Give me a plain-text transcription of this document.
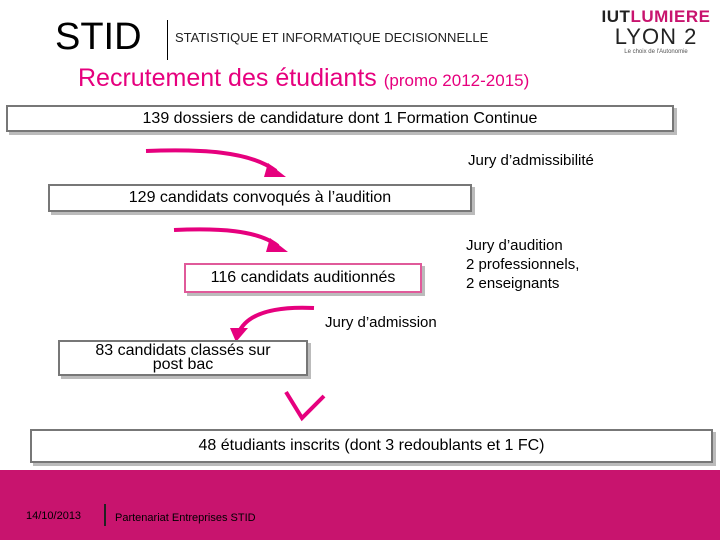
STID	STATISTIQUE ET INFORMATIQUE DECISIONNELLE
IUTLUMIERE
LYON 2
Le choix de l'Autonomie
Recrutement des étudiants (promo 2012-2015)
139 dossiers de candidature dont 1 Formation Continue
Jury d’admissibilité
129 candidats convoqués à l’audition
116 candidats auditionnés
Jury d’audition
2 professionnels,
2 enseignants
Jury d’admission
83 candidats classés sur
post bac
48 étudiants inscrits (dont 3 redoublants et 1 FC)
14/10/2013	Partenariat Entreprises STID
